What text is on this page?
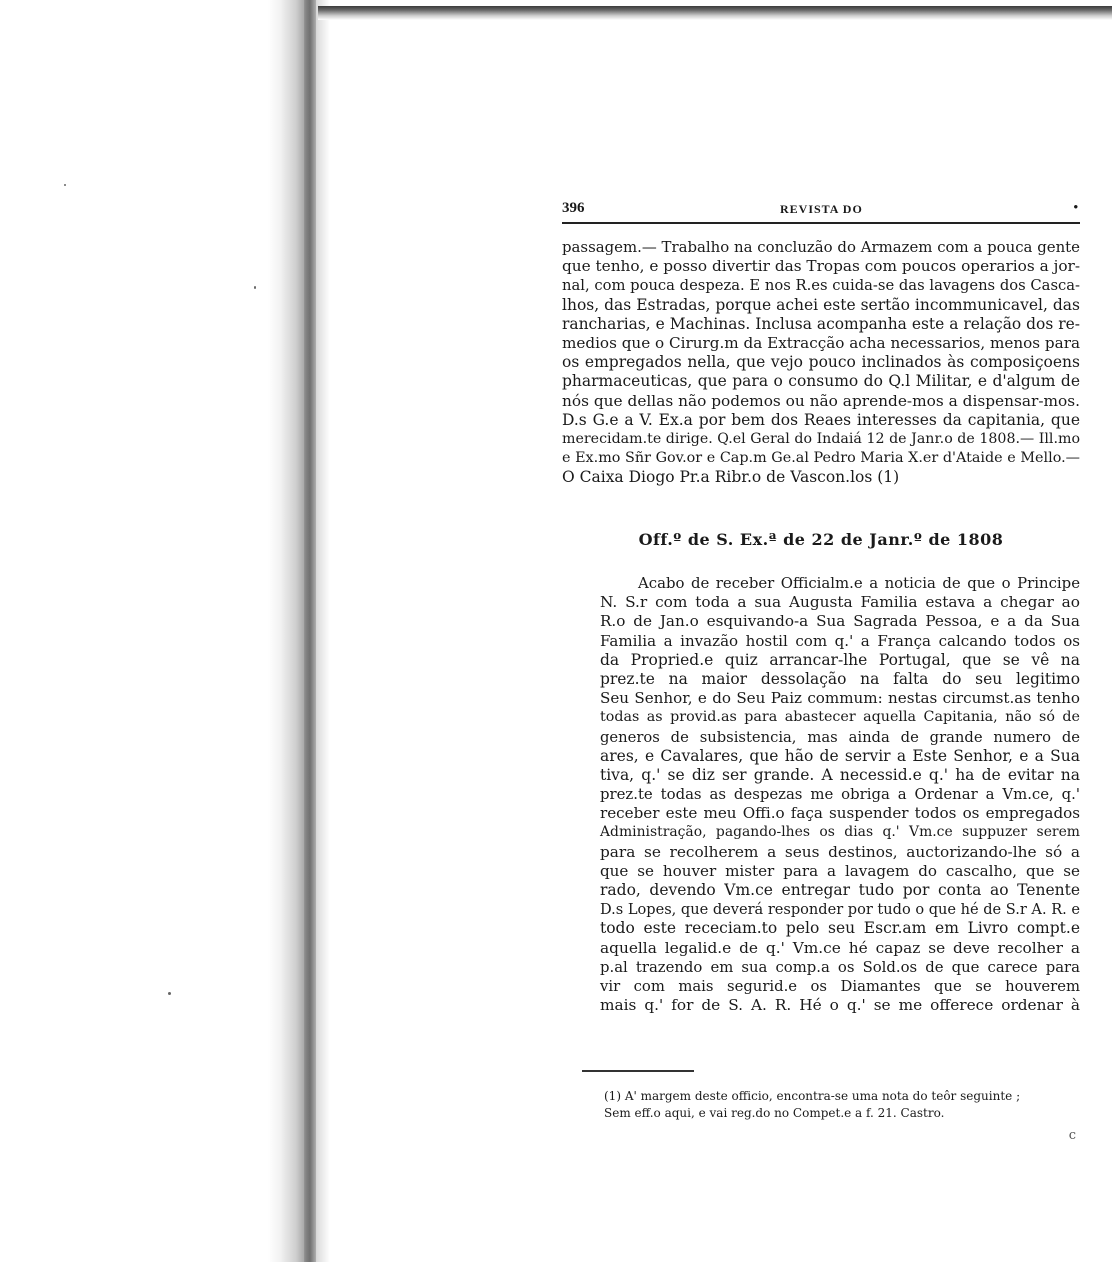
396	REVISTA DO	•
passagem.— Trabalho na concluzão do Armazem com a pouca gente
que tenho, e posso divertir das Tropas com poucos operarios a jor-
nal, com pouca despeza. E nos R.es cuida-se das lavagens dos Casca-
lhos, das Estradas, porque achei este sertão incommunicavel, das
rancharias, e Machinas. Inclusa acompanha este a relação dos re-
medios que o Cirurg.m da Extracção acha necessarios, menos para
os empregados nella, que vejo pouco inclinados às composiçoens
pharmaceuticas, que para o consumo do Q.l Militar, e d'algum de
nós que dellas não podemos ou não aprende-mos a dispensar-mos.
D.s G.e a V. Ex.a por bem dos Reaes interesses da capitania, que
merecidam.te dirige. Q.el Geral do Indaiá 12 de Janr.o de 1808.— Ill.mo
e Ex.mo Sñr Gov.or e Cap.m Ge.al Pedro Maria X.er d'Ataide e Mello.—
O Caixa Diogo Pr.a Ribr.o de Vascon.los (1)
Off.º de S. Ex.ª de 22 de Janr.º de 1808
Acabo de receber Officialm.e a noticia de que o Principe
N. S.r com toda a sua Augusta Familia estava a chegar ao
R.o de Jan.o esquivando-a Sua Sagrada Pessoa, e a da Sua
Familia a invazão hostil com q.' a França calcando todos os
da Propried.e quiz arrancar-lhe Portugal, que se vê na
prez.te na maior dessolação na falta do seu legitimo
Seu Senhor, e do Seu Paiz commum: nestas circumst.as tenho
todas as provid.as para abastecer aquella Capitania, não só de
generos de subsistencia, mas ainda de grande numero de
ares, e Cavalares, que hão de servir a Este Senhor, e a Sua
tiva, q.' se diz ser grande. A necessid.e q.' ha de evitar na
prez.te todas as despezas me obriga a Ordenar a Vm.ce, q.'
receber este meu Offi.o faça suspender todos os empregados
Administração, pagando-lhes os dias q.' Vm.ce suppuzer serem
para se recolherem a seus destinos, auctorizando-lhe só a
que se houver mister para a lavagem do cascalho, que se
rado, devendo Vm.ce entregar tudo por conta ao Tenente
D.s Lopes, que deverá responder por tudo o que hé de S.r A. R. e
todo este receciam.to pelo seu Escr.am em Livro compt.e
aquella legalid.e de q.' Vm.ce hé capaz se deve recolher a
p.al trazendo em sua comp.a os Sold.os de que carece para
vir com mais segurid.e os Diamantes que se houverem
mais q.' for de S. A. R. Hé o q.' se me offerece ordenar à
(1) A' margem deste officio, encontra-se uma nota do teôr seguinte ;
Sem eff.o aqui, e vai reg.do no Compet.e a f. 21. Castro.
c
